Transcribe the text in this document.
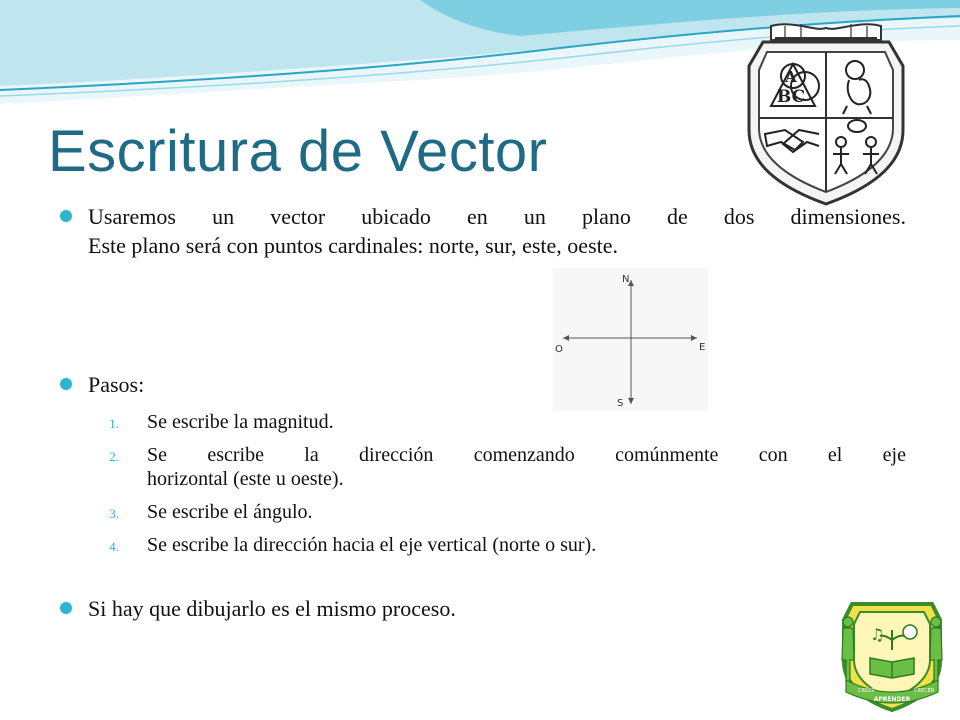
Escritura de Vector
A
BC
Usaremos un vector ubicado en un plano de dos dimensiones.
Este plano será con puntos cardinales: norte, sur, este, oeste.
N
S
E
O
Pasos:
1. Se escribe la magnitud.
2. Se escribe la dirección comenzando comúnmente con el eje
horizontal (este u oeste).
3. Se escribe el ángulo.
4. Se escribe la dirección hacia el eje vertical (norte o sur).
Si hay que dibujarlo es el mismo proceso.
♫
CREER
APRENDER
CRECER
